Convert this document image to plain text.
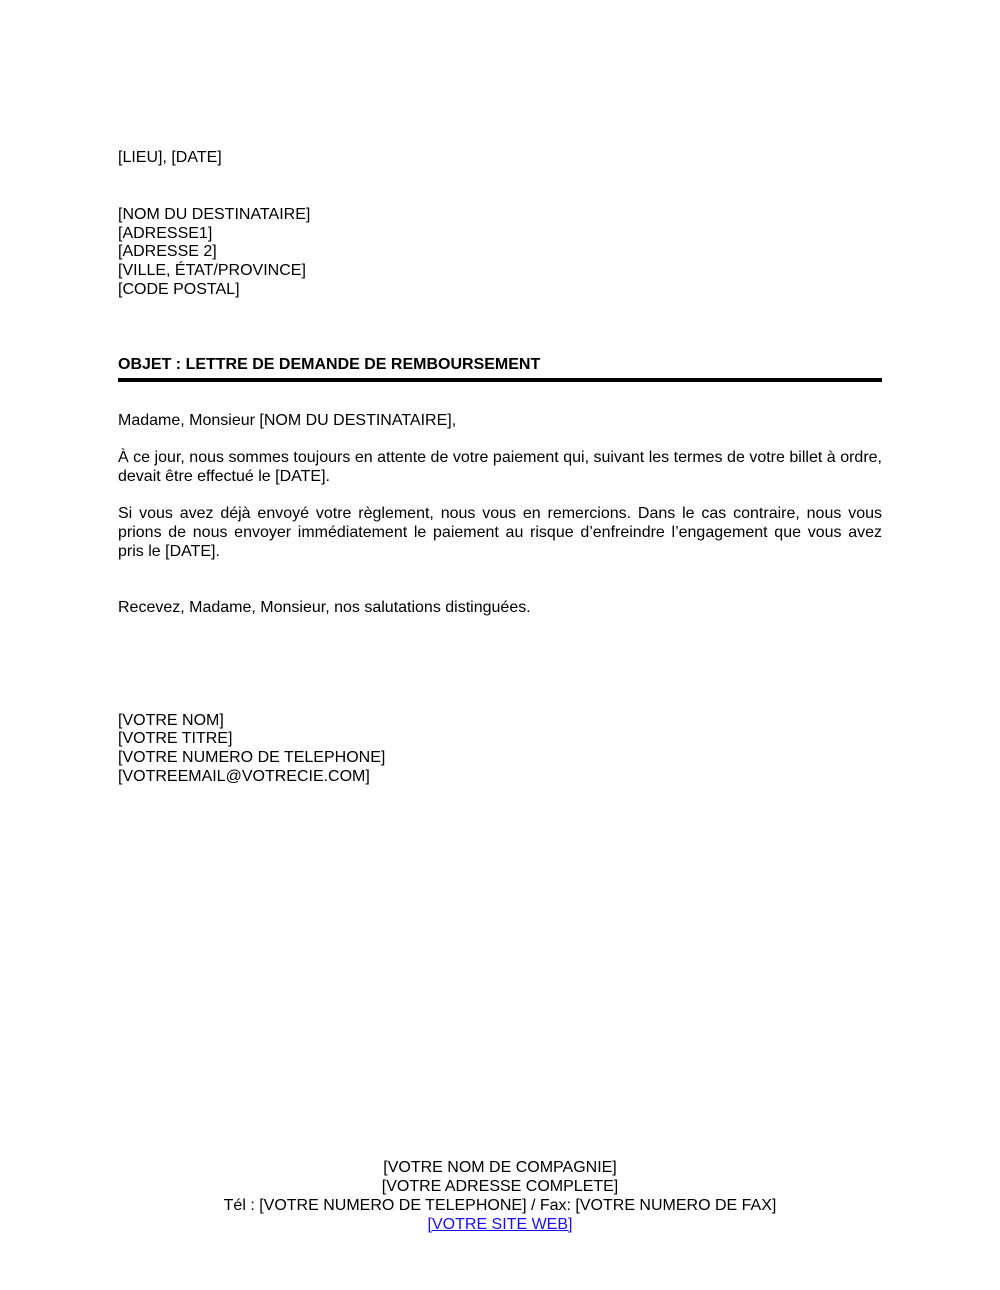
[LIEU], [DATE]
[NOM DU DESTINATAIRE]
[ADRESSE1]
[ADRESSE 2]
[VILLE, ÉTAT/PROVINCE]
[CODE POSTAL]
OBJET : LETTRE DE DEMANDE DE REMBOURSEMENT
Madame, Monsieur [NOM DU DESTINATAIRE],
À ce jour, nous sommes toujours en attente de votre paiement qui, suivant les termes de votre billet à ordre, devait être effectué le [DATE].
Si vous avez déjà envoyé votre règlement, nous vous en remercions. Dans le cas contraire, nous vous prions de nous envoyer immédiatement le paiement au risque d’enfreindre l’engagement que vous avez pris le [DATE].
Recevez, Madame, Monsieur, nos salutations distinguées.
[VOTRE NOM]
[VOTRE TITRE]
[VOTRE NUMERO DE TELEPHONE]
[VOTREEMAIL@VOTRECIE.COM]
[VOTRE NOM DE COMPAGNIE]
[VOTRE ADRESSE COMPLETE]
Tél : [VOTRE NUMERO DE TELEPHONE] / Fax: [VOTRE NUMERO DE FAX]
[VOTRE SITE WEB]
